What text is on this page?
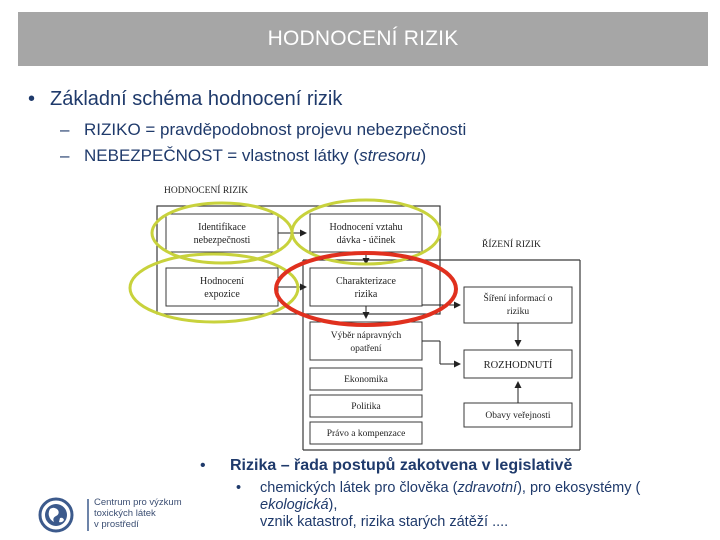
HODNOCENÍ RIZIK
• Základní schéma hodnocení rizik
– RIZIKO = pravděpodobnost projevu nebezpečnosti
– NEBEZPEČNOST = vlastnost látky (stresoru)
HODNOCENÍ RIZIK
ŘÍZENÍ RIZIK
Identifikace
nebezpečnosti
Hodnocení vztahu
dávka - účinek
Hodnocení
expozice
Charakterizace
rizika
Výběr nápravných
opatření
Ekonomika
Politika
Právo a kompenzace
Šíření informací o
riziku
ROZHODNUTÍ
Obavy veřejnosti
• Rizika – řada postupů zakotvena v legislativě
• chemických látek pro člověka (zdravotní), pro ekosystémy (
ekologická),
vznik katastrof, rizika starých zátěží ....
Centrum pro výzkum
toxických látek
v prostředí
